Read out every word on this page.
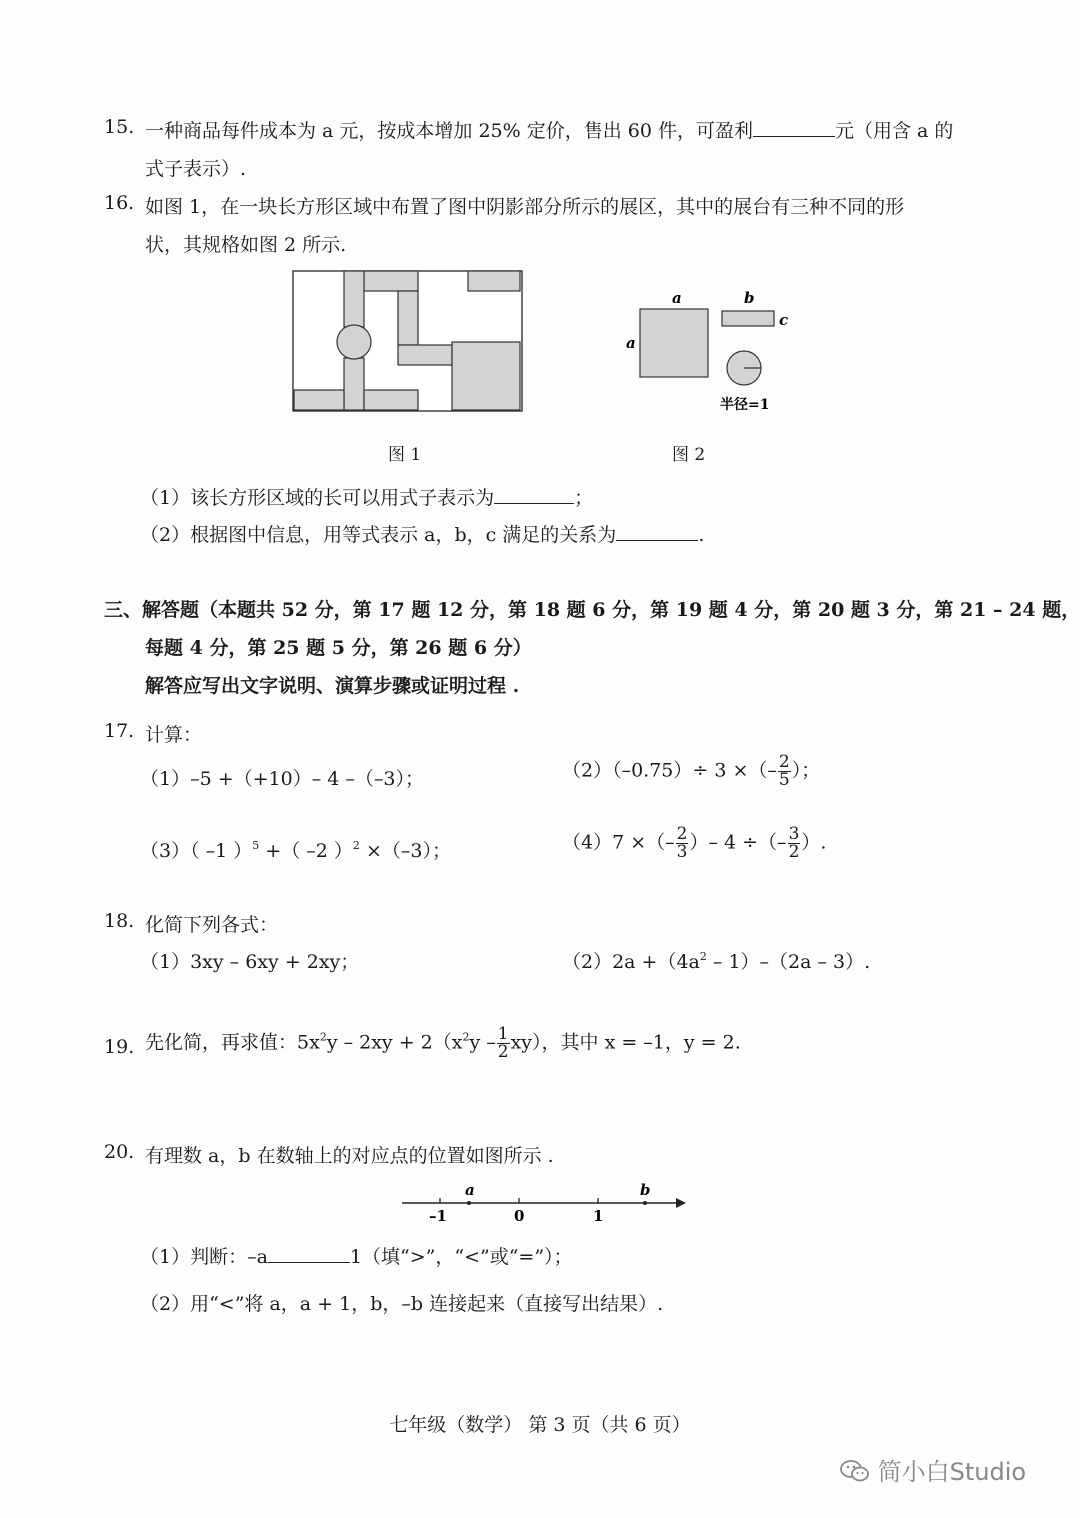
15. 一种商品每件成本为 a 元，按成本增加 25% 定价，售出 60 件，可盈利	元（用含 a 的
式子表示）.
16. 如图 1，在一块长方形区域中布置了图中阴影部分所示的展区，其中的展台有三种不同的形
状，其规格如图 2 所示.
图 1
a
a
b
c
半径=1
图 2
（1）该长方形区域的长可以用式子表示为	；
（2）根据图中信息，用等式表示 a，b，c 满足的关系为	.
三、解答题（本题共 52 分，第 17 题 12 分，第 18 题 6 分，第 19 题 4 分，第 20 题 3 分，第 21 – 24 题，
每题 4 分，第 25 题 5 分，第 26 题 6 分）
解答应写出文字说明、演算步骤或证明过程 .
17. 计算：
（1）–5 +（+10）– 4 –（–3）；	（2）（–0.75）÷ 3 ×（– $\frac{2}{5}$ ）；
（3）（ –1 ）$^5$ +（ –2 ）$^2$ ×（–3）；	（4）7 ×（– $\frac{2}{3}$ ）– 4 ÷（– $\frac{3}{2}$ ）.
18. 化简下列各式：
（1）3xy – 6xy + 2xy；	$(2)2a +(4a^2 - 1)-(2a - 3)$.
19. 先化简，再求值：$5x^2y - 2xy + 2(x^2y - \frac{1}{2} xy)$，其中 x = –1，y = 2.
20. 有理数 a，b 在数轴上的对应点的位置如图所示 .
a	b
–1	0	1
（1）判断：–a	1（填“>”，“<”或“=”）；
（2）用“<”将 a，a + 1，b，–b 连接起来（直接写出结果）.
七年级（数学） 第 3 页（共 6 页）
简小白Studio
